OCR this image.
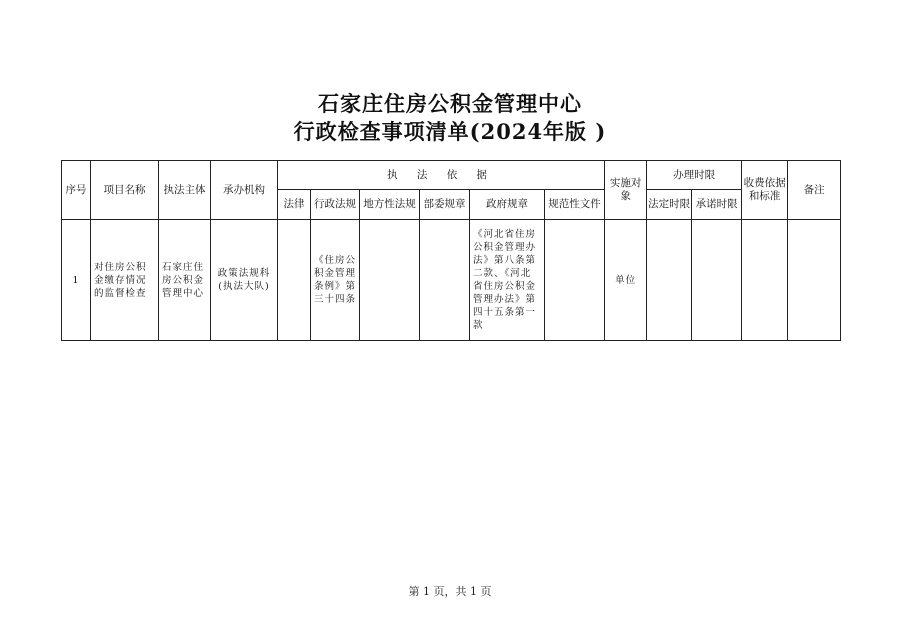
石家庄住房公积金管理中心
行政检查事项清单(2024年版 )
序号	项目名称	执法主体	承办机构	执 法 依 据						实施对象	办理时限		收费依据和标准	备注
				法律	行政法规	地方性法规	部委规章	政府规章	规范性文件		法定时限	承诺时限		
1	对住房公积金缴存情况的监督检查	石家庄住房公积金管理中心	政策法规科(执法大队)		《住房公积金管理条例》第三十四条			《河北省住房公积金管理办法》第八条第二款、《河北省住房公积金管理办法》第四十五条第一款		单位				
第 1 页，共 1 页
